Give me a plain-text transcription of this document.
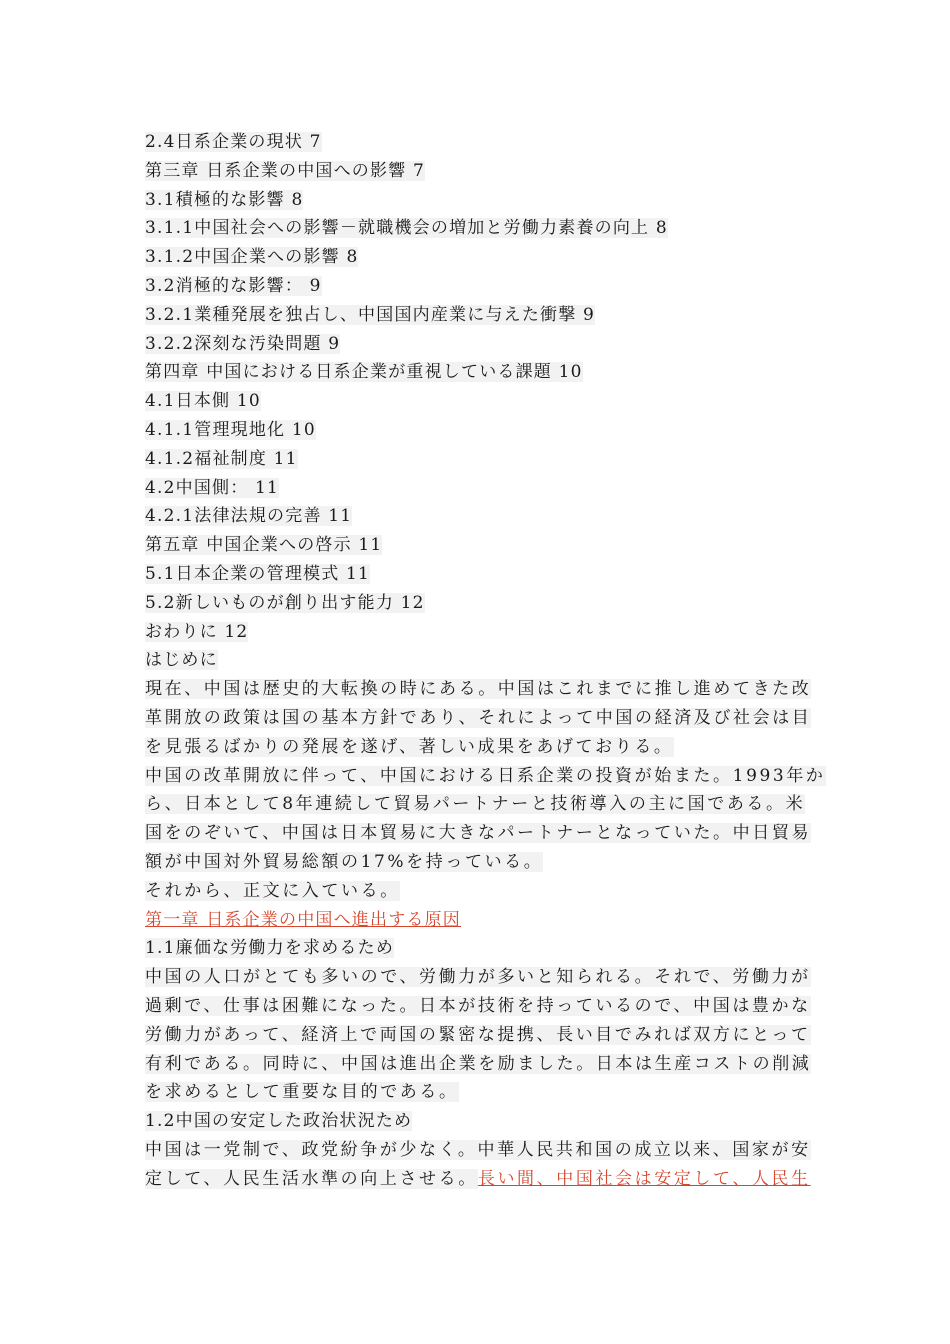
2.4日系企業の現状 7
第三章 日系企業の中国への影響 7
3.1積極的な影響 8
3.1.1中国社会への影響－就職機会の増加と労働力素養の向上 8
3.1.2中国企業への影響 8
3.2消極的な影響： 9
3.2.1業種発展を独占し、中国国内産業に与えた衝撃 9
3.2.2深刻な汚染問題 9
第四章 中国における日系企業が重視している課題 10
4.1日本側 10
4.1.1管理現地化 10
4.1.2福祉制度 11
4.2中国側： 11
4.2.1法律法規の完善 11
第五章 中国企業への啓示 11
5.1日本企業の管理模式 11
5.2新しいものが創り出す能力 12
おわりに 12
はじめに
現在、中国は歴史的大転換の時にある。中国はこれまでに推し進めてきた改
革開放の政策は国の基本方針であり、それによって中国の経済及び社会は目
を見張るばかりの発展を遂げ、著しい成果をあげておりる。
中国の改革開放に伴って、中国における日系企業の投資が始また。1993年か
ら、日本として8年連続して貿易パートナーと技術導入の主に国である。米
国をのぞいて、中国は日本貿易に大きなパートナーとなっていた。中日貿易
額が中国対外貿易総額の17%を持っている。
それから、正文に入ている。
第一章 日系企業の中国へ進出する原因
1.1廉価な労働力を求めるため
中国の人口がとても多いので、労働力が多いと知られる。それで、労働力が
過剰で、仕事は困難になった。日本が技術を持っているので、中国は豊かな
労働力があって、経済上で両国の緊密な提携、長い目でみれば双方にとって
有利である。同時に、中国は進出企業を励ました。日本は生産コストの削減
を求めるとして重要な目的である。
1.2中国の安定した政治状況ため
中国は一党制で、政党紛争が少なく。中華人民共和国の成立以来、国家が安
定して、人民生活水準の向上させる。長い間、中国社会は安定して、人民生
